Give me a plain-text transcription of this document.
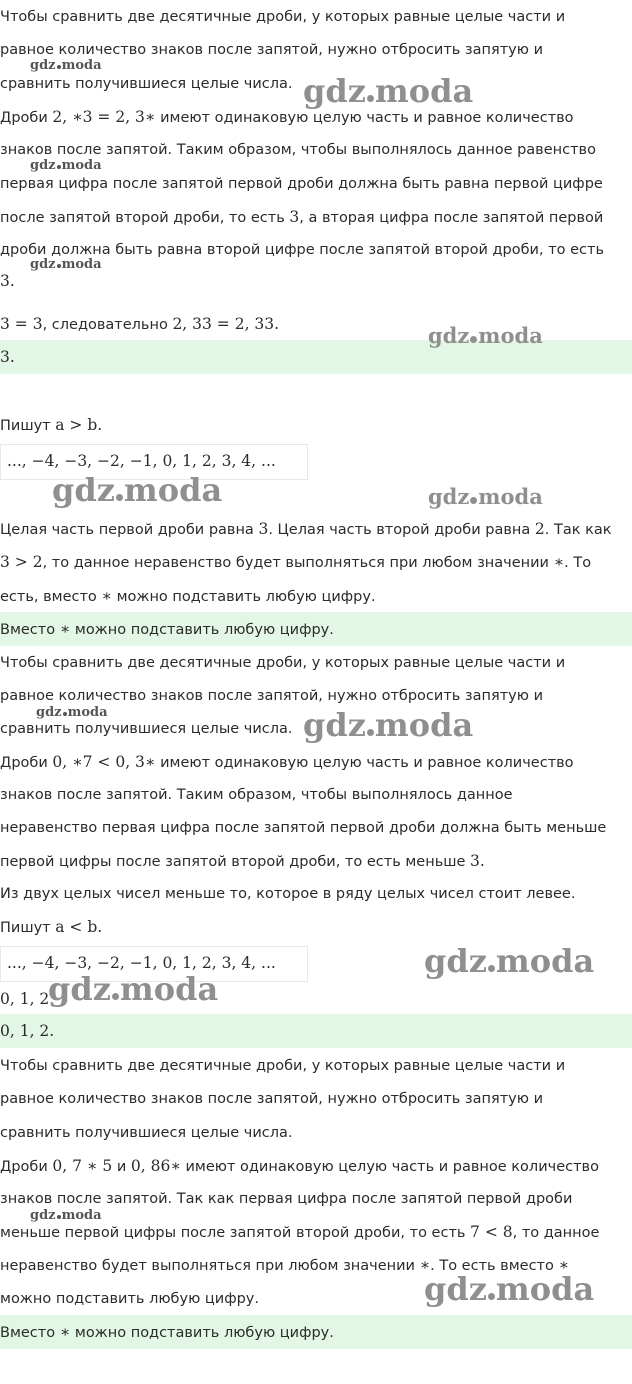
Чтобы сравнить две десятичные дроби, у которых равные целые части и
равное количество знаков после запятой, нужно отбросить запятую и
сравнить получившиеся целые числа.
Дроби 2, ∗3 = 2, 3∗ имеют одинаковую целую часть и равное количество
знаков после запятой. Таким образом, чтобы выполнялось данное равенство
первая цифра после запятой первой дроби должна быть равна первой цифре
после запятой второй дроби, то есть 3, а вторая цифра после запятой первой
дроби должна быть равна второй цифре после запятой второй дроби, то есть
3.
3 = 3, следовательно 2, 33 = 2, 33.
3.
Пишут a > b.
..., −4, −3, −2, −1, 0, 1, 2, 3, 4, ...
Целая часть первой дроби равна 3. Целая часть второй дроби равна 2. Так как
3 > 2, то данное неравенство будет выполняться при любом значении ∗. То
есть, вместо ∗ можно подставить любую цифру.
Вместо ∗ можно подставить любую цифру.
Чтобы сравнить две десятичные дроби, у которых равные целые части и
равное количество знаков после запятой, нужно отбросить запятую и
сравнить получившиеся целые числа.
Дроби 0, ∗7 < 0, 3∗ имеют одинаковую целую часть и равное количество
знаков после запятой. Таким образом, чтобы выполнялось данное
неравенство первая цифра после запятой первой дроби должна быть меньше
первой цифры после запятой второй дроби, то есть меньше 3.
Из двух целых чисел меньше то, которое в ряду целых чисел стоит левее.
Пишут a < b.
..., −4, −3, −2, −1, 0, 1, 2, 3, 4, ...
0, 1, 2.
0, 1, 2.
Чтобы сравнить две десятичные дроби, у которых равные целые части и
равное количество знаков после запятой, нужно отбросить запятую и
сравнить получившиеся целые числа.
Дроби 0, 7 ∗ 5 и 0, 86∗ имеют одинаковую целую часть и равное количество
знаков после запятой. Так как первая цифра после запятой первой дроби
меньше первой цифры после запятой второй дроби, то есть 7 < 8, то данное
неравенство будет выполняться при любом значении ∗. То есть вместо ∗
можно подставить любую цифру.
Вместо ∗ можно подставить любую цифру.
gdz moda
gdz moda
gdz moda
gdz moda
gdz moda
gdz moda	gdz moda
gdz moda	gdz moda
gdz moda
gdz moda
gdz moda
gdz moda
